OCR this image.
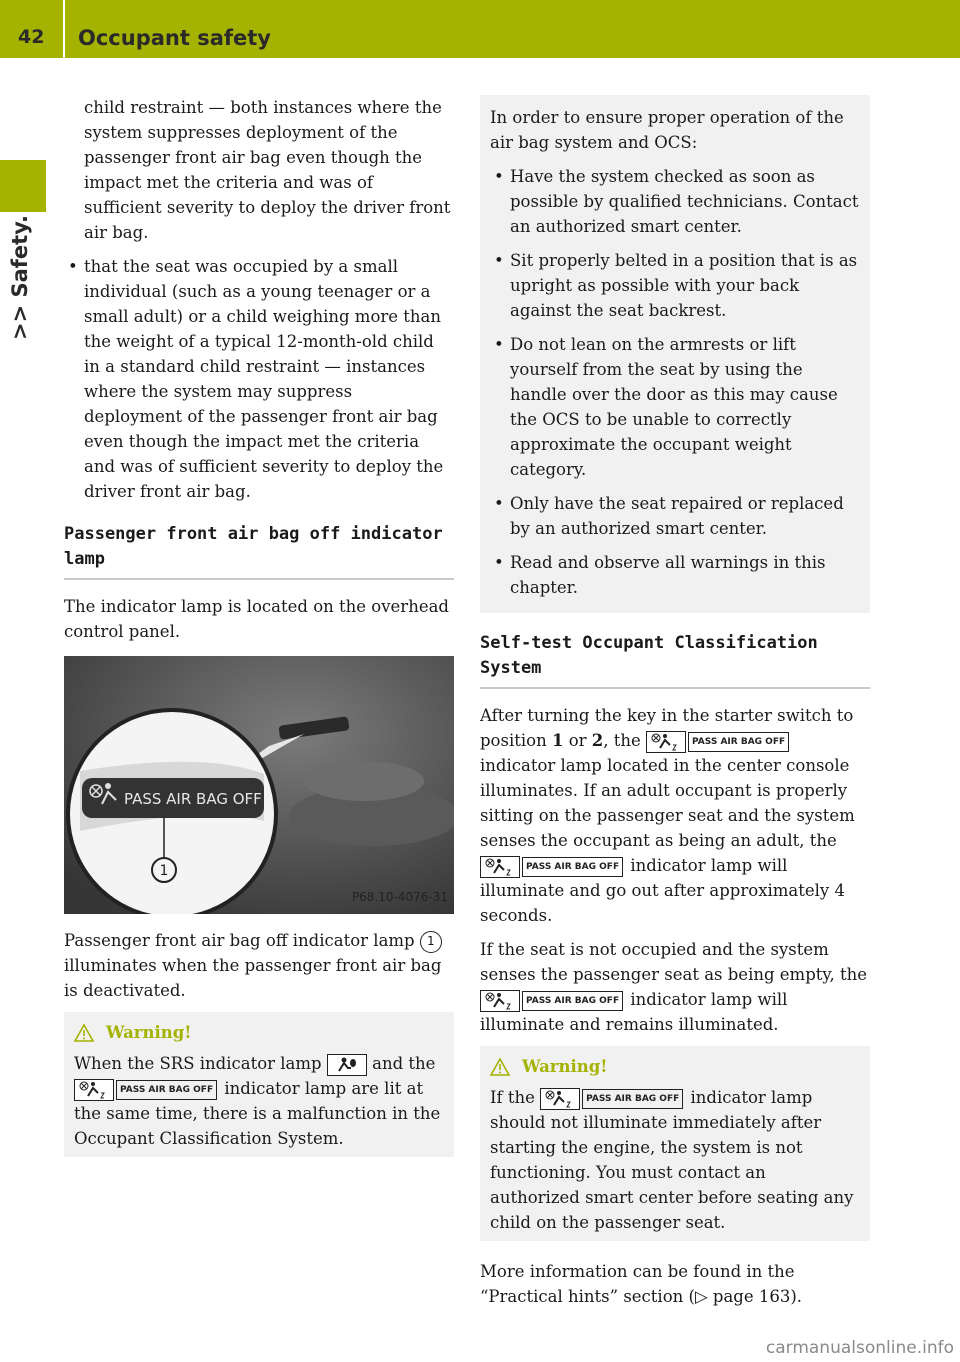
42 Occupant safety
>> Safety.
child restraint — both instances where the system suppresses deployment of the passenger front air bag even though the impact met the criteria and was of sufficient severity to deploy the driver front air bag.
• that the seat was occupied by a small individual (such as a young teenager or a small adult) or a child weighing more than the weight of a typical 12-month-old child in a standard child restraint — instances where the system may suppress deployment of the passenger front air bag even though the impact met the criteria and was of sufficient severity to deploy the driver front air bag.
Passenger front air bag off indicator lamp

The indicator lamp is located on the overhead control panel.

PASS AIR BAG OFF
1
P68.10-4076-31

Passenger front air bag off indicator lamp 1 illuminates when the passenger front air bag is deactivated.

Warning!

When the SRS indicator lamp	and the
PASS AIR BAG OFF indicator lamp are lit at the same time, there is a malfunction in the Occupant Classification System.

In order to ensure proper operation of the air bag system and OCS:

• Have the system checked as soon as possible by qualified technicians. Contact an authorized smart center.
• Sit properly belted in a position that is as upright as possible with your back against the seat backrest.
• Do not lean on the armrests or lift yourself from the seat by using the handle over the door as this may cause the OCS to be unable to correctly approximate the occupant weight category.
• Only have the seat repaired or replaced by an authorized smart center.
• Read and observe all warnings in this chapter.
Self-test Occupant Classification System

After turning the key in the starter switch to position 1 or 2, the	PASS AIR BAG OFF indicator lamp located in the center console illuminates. If an adult occupant is properly sitting on the passenger seat and the system senses the occupant as being an adult, the
PASS AIR BAG OFF indicator lamp will illuminate and go out after approximately 4 seconds.

If the seat is not occupied and the system senses the passenger seat as being empty, the
PASS AIR BAG OFF indicator lamp will illuminate and remains illuminated.

Warning!

If the	PASS AIR BAG OFF indicator lamp should not illuminate immediately after starting the engine, the system is not functioning. You must contact an authorized smart center before seating any child on the passenger seat.

More information can be found in the “Practical hints” section (▷ page 163).

carmanualsonline.info
